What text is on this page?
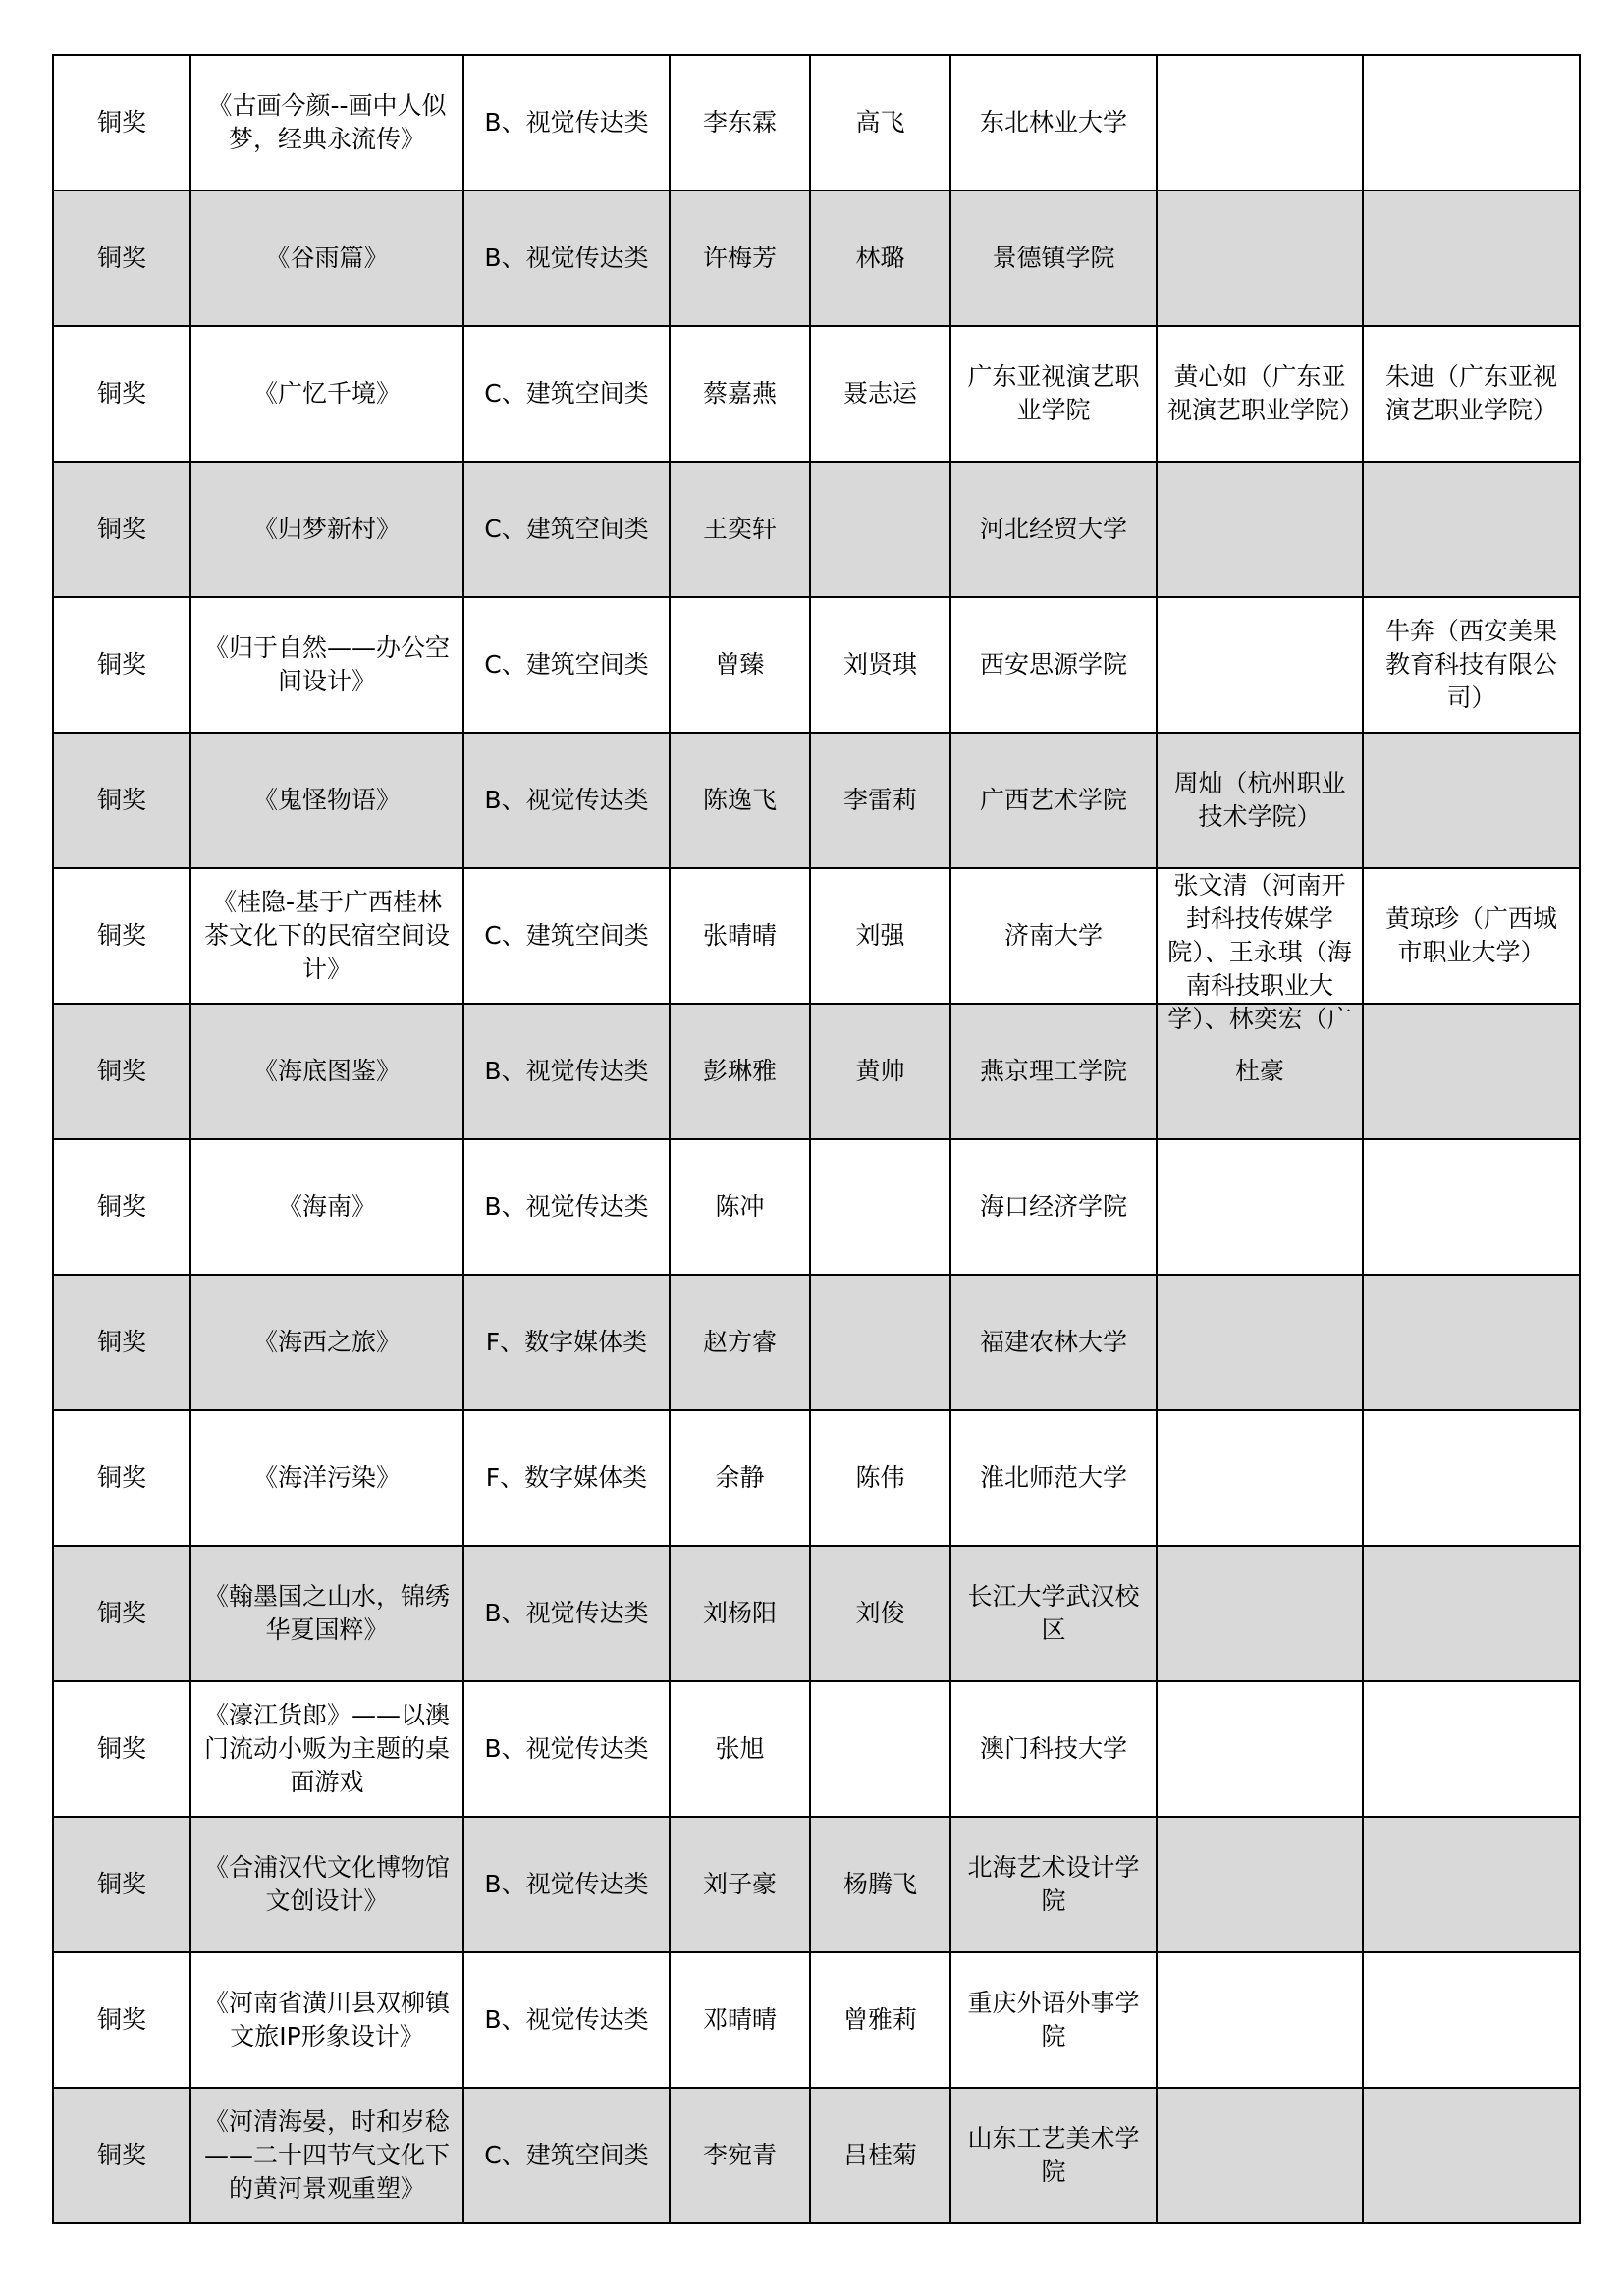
铜奖	《古画今颜--画中人似梦，经典永流传》	B、视觉传达类	李东霖	高飞	东北林业大学		

铜奖	《谷雨篇》	B、视觉传达类	许梅芳	林璐	景德镇学院		

铜奖	《广忆千境》	C、建筑空间类	蔡嘉燕	聂志运	广东亚视演艺职业学院	黄心如（广东亚视演艺职业学院）	朱迪（广东亚视演艺职业学院）

铜奖	《归梦新村》	C、建筑空间类	王奕轩		河北经贸大学		

铜奖	《归于自然——办公空间设计》	C、建筑空间类	曾臻	刘贤琪	西安思源学院		牛奔（西安美果教育科技有限公司）

铜奖	《鬼怪物语》	B、视觉传达类	陈逸飞	李雷莉	广西艺术学院	周灿（杭州职业技术学院）	

铜奖	《桂隐-基于广西桂林茶文化下的民宿空间设计》	C、建筑空间类	张晴晴	刘强	济南大学	张文清（河南开封科技传媒学院）、王永琪（海南科技职业大学）、林奕宏（广	黄琼珍（广西城市职业大学）

铜奖	《海底图鉴》	B、视觉传达类	彭琳雅	黄帅	燕京理工学院	杜豪	

铜奖	《海南》	B、视觉传达类	陈冲		海口经济学院		

铜奖	《海西之旅》	F、数字媒体类	赵方睿		福建农林大学		

铜奖	《海洋污染》	F、数字媒体类	余静	陈伟	淮北师范大学		

铜奖	《翰墨国之山水，锦绣华夏国粹》	B、视觉传达类	刘杨阳	刘俊	长江大学武汉校区		

铜奖	《濠江货郎》——以澳门流动小贩为主题的桌面游戏	B、视觉传达类	张旭		澳门科技大学		

铜奖	《合浦汉代文化博物馆文创设计》	B、视觉传达类	刘子豪	杨腾飞	北海艺术设计学院		

铜奖	《河南省潢川县双柳镇文旅IP形象设计》	B、视觉传达类	邓晴晴	曾雅莉	重庆外语外事学院		

铜奖	《河清海晏，时和岁稔——二十四节气文化下的黄河景观重塑》	C、建筑空间类	李宛青	吕桂菊	山东工艺美术学院		
